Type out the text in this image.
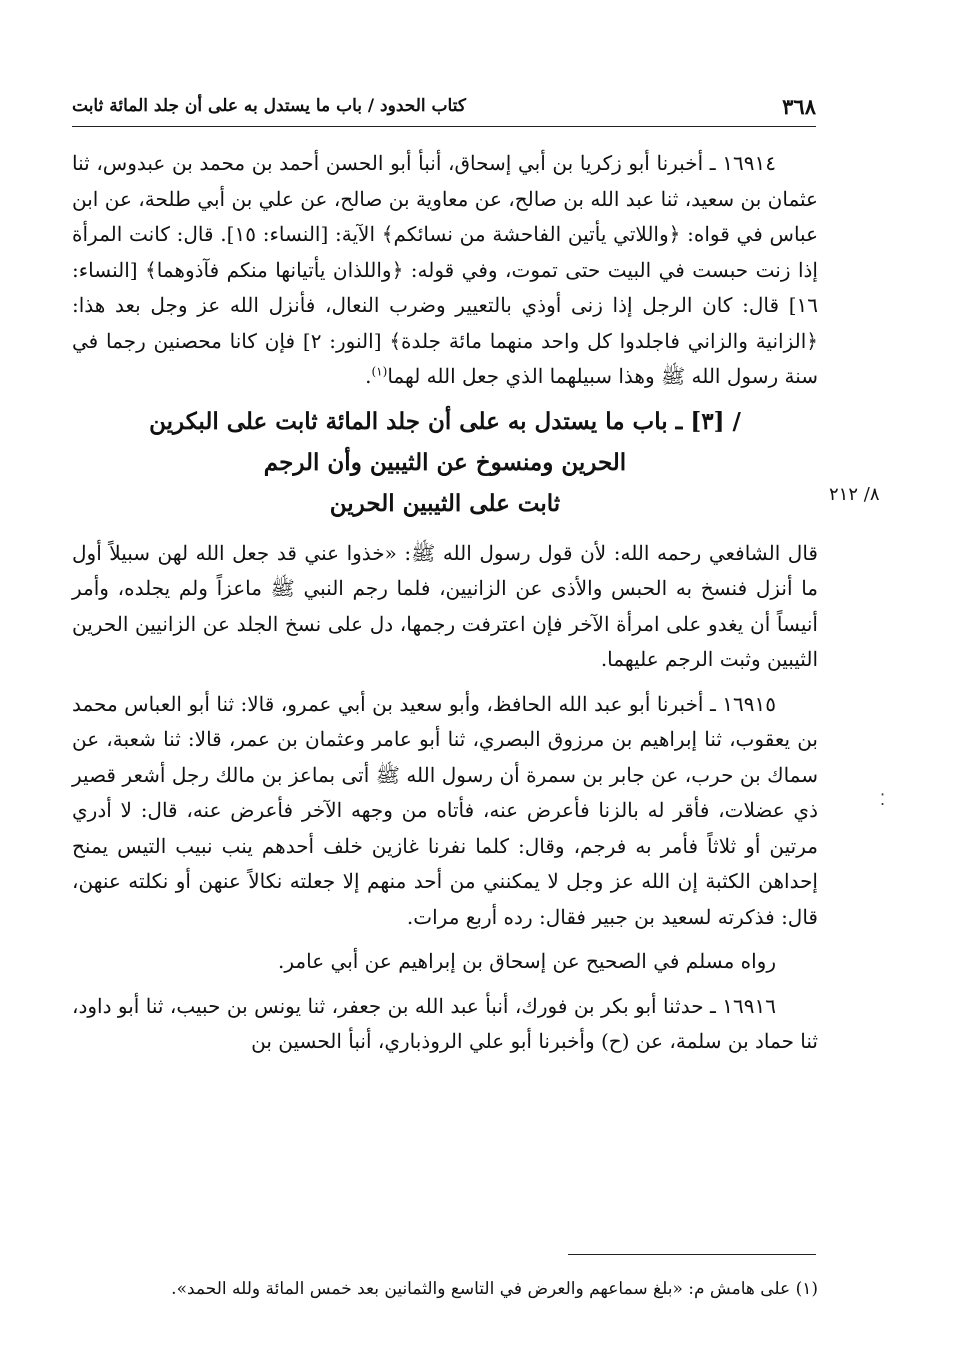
٣٦٨
كتاب الحدود / باب ما يستدل به على أن جلد المائة ثابت
٨/ ٢١٢
⁚

١٦٩١٤ ـ أخبرنا أبو زكريا بن أبي إسحاق، أنبأ أبو الحسن أحمد بن محمد بن عبدوس، ثنا عثمان بن سعيد، ثنا عبد الله بن صالح، عن معاوية بن صالح، عن علي بن أبي طلحة، عن ابن عباس في قواه: ﴿واللاتي يأتين الفاحشة من نسائكم﴾ الآية: [النساء: ١٥]. قال: كانت المرأة إذا زنت حبست في البيت حتى تموت، وفي قوله: ﴿واللذان يأتيانها منكم فآذوهما﴾ [النساء: ١٦] قال: كان الرجل إذا زنى أوذي بالتعيير وضرب النعال، فأنزل الله عز وجل بعد هذا: ﴿الزانية والزاني فاجلدوا كل واحد منهما مائة جلدة﴾ [النور: ٢] فإن كانا محصنين رجما في سنة رسول الله ﷺ وهذا سبيلهما الذي جعل الله لهما$^{(١)}$.

/ [٣] ـ باب ما يستدل به على أن جلد المائة ثابت على البكرين
الحرين ومنسوخ عن الثيبين وأن الرجم
ثابت على الثيبين الحرين

قال الشافعي رحمه الله: لأن قول رسول الله ﷺ: «خذوا عني قد جعل الله لهن سبيلاً أول ما أنزل فنسخ به الحبس والأذى عن الزانيين، فلما رجم النبي ﷺ ماعزاً ولم يجلده، وأمر أنيساً أن يغدو على امرأة الآخر فإن اعترفت رجمها، دل على نسخ الجلد عن الزانيين الحرين الثيبين وثبت الرجم عليهما.

١٦٩١٥ ـ أخبرنا أبو عبد الله الحافظ، وأبو سعيد بن أبي عمرو، قالا: ثنا أبو العباس محمد بن يعقوب، ثنا إبراهيم بن مرزوق البصري، ثنا أبو عامر وعثمان بن عمر، قالا: ثنا شعبة، عن سماك بن حرب، عن جابر بن سمرة أن رسول الله ﷺ أتى بماعز بن مالك رجل أشعر قصير ذي عضلات، فأقر له بالزنا فأعرض عنه، فأتاه من وجهه الآخر فأعرض عنه، قال: لا أدري مرتين أو ثلاثاً فأمر به فرجم، وقال: كلما نفرنا غازين خلف أحدهم ينب نبيب التيس يمنح إحداهن الكثبة إن الله عز وجل لا يمكنني من أحد منهم إلا جعلته نكالاً عنهن أو نكلته عنهن، قال: فذكرته لسعيد بن جبير فقال: رده أربع مرات.

رواه مسلم في الصحيح عن إسحاق بن إبراهيم عن أبي عامر.

١٦٩١٦ ـ حدثنا أبو بكر بن فورك، أنبأ عبد الله بن جعفر، ثنا يونس بن حبيب، ثنا أبو داود، ثنا حماد بن سلمة، عن (ح) وأخبرنا أبو علي الروذباري، أنبأ الحسين بن

(١) على هامش م: «بلغ سماعهم والعرض في التاسع والثمانين بعد خمس المائة ولله الحمد».
